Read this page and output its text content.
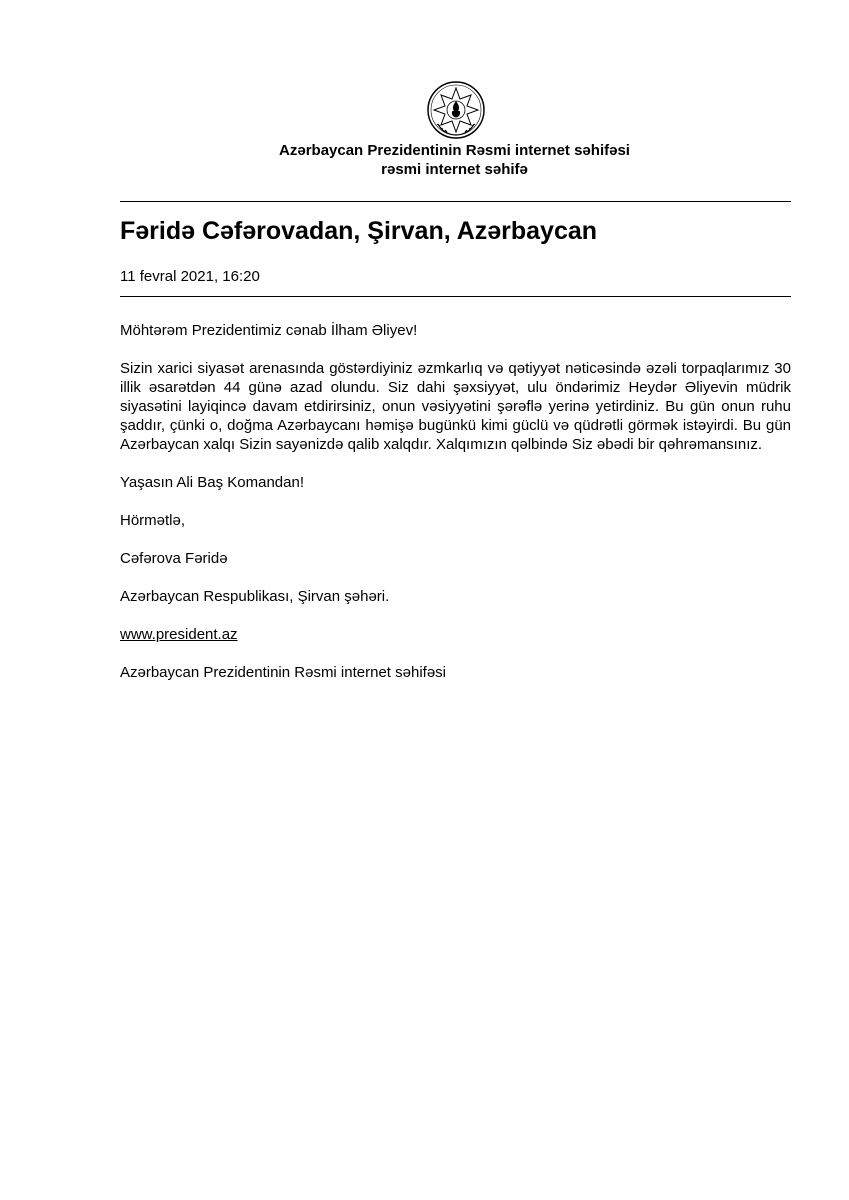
Azərbaycan Prezidentinin Rəsmi internet səhifəsi
rəsmi internet səhifə
Fəridə Cəfərovadan, Şirvan, Azərbaycan
11 fevral 2021, 16:20

Möhtərəm Prezidentimiz cənab İlham Əliyev!

Sizin xarici siyasət arenasında göstərdiyiniz əzmkarlıq və qətiyyət nəticəsində əzəli torpaqlarımız 30 illik əsarətdən 44 günə azad olundu. Siz dahi şəxsiyyət, ulu öndərimiz Heydər Əliyevin müdrik siyasətini layiqincə davam etdirirsiniz, onun vəsiyyətini şərəflə yerinə yetirdiniz. Bu gün onun ruhu şaddır, çünki o, doğma Azərbaycanı həmişə bugünkü kimi güclü və qüdrətli görmək istəyirdi. Bu gün Azərbaycan xalqı Sizin sayənizdə qalib xalqdır. Xalqımızın qəlbində Siz əbədi bir qəhrəmansınız.

Yaşasın Ali Baş Komandan!

Hörmətlə,

Cəfərova Fəridə

Azərbaycan Respublikası, Şirvan şəhəri.

www.president.az

Azərbaycan Prezidentinin Rəsmi internet səhifəsi
